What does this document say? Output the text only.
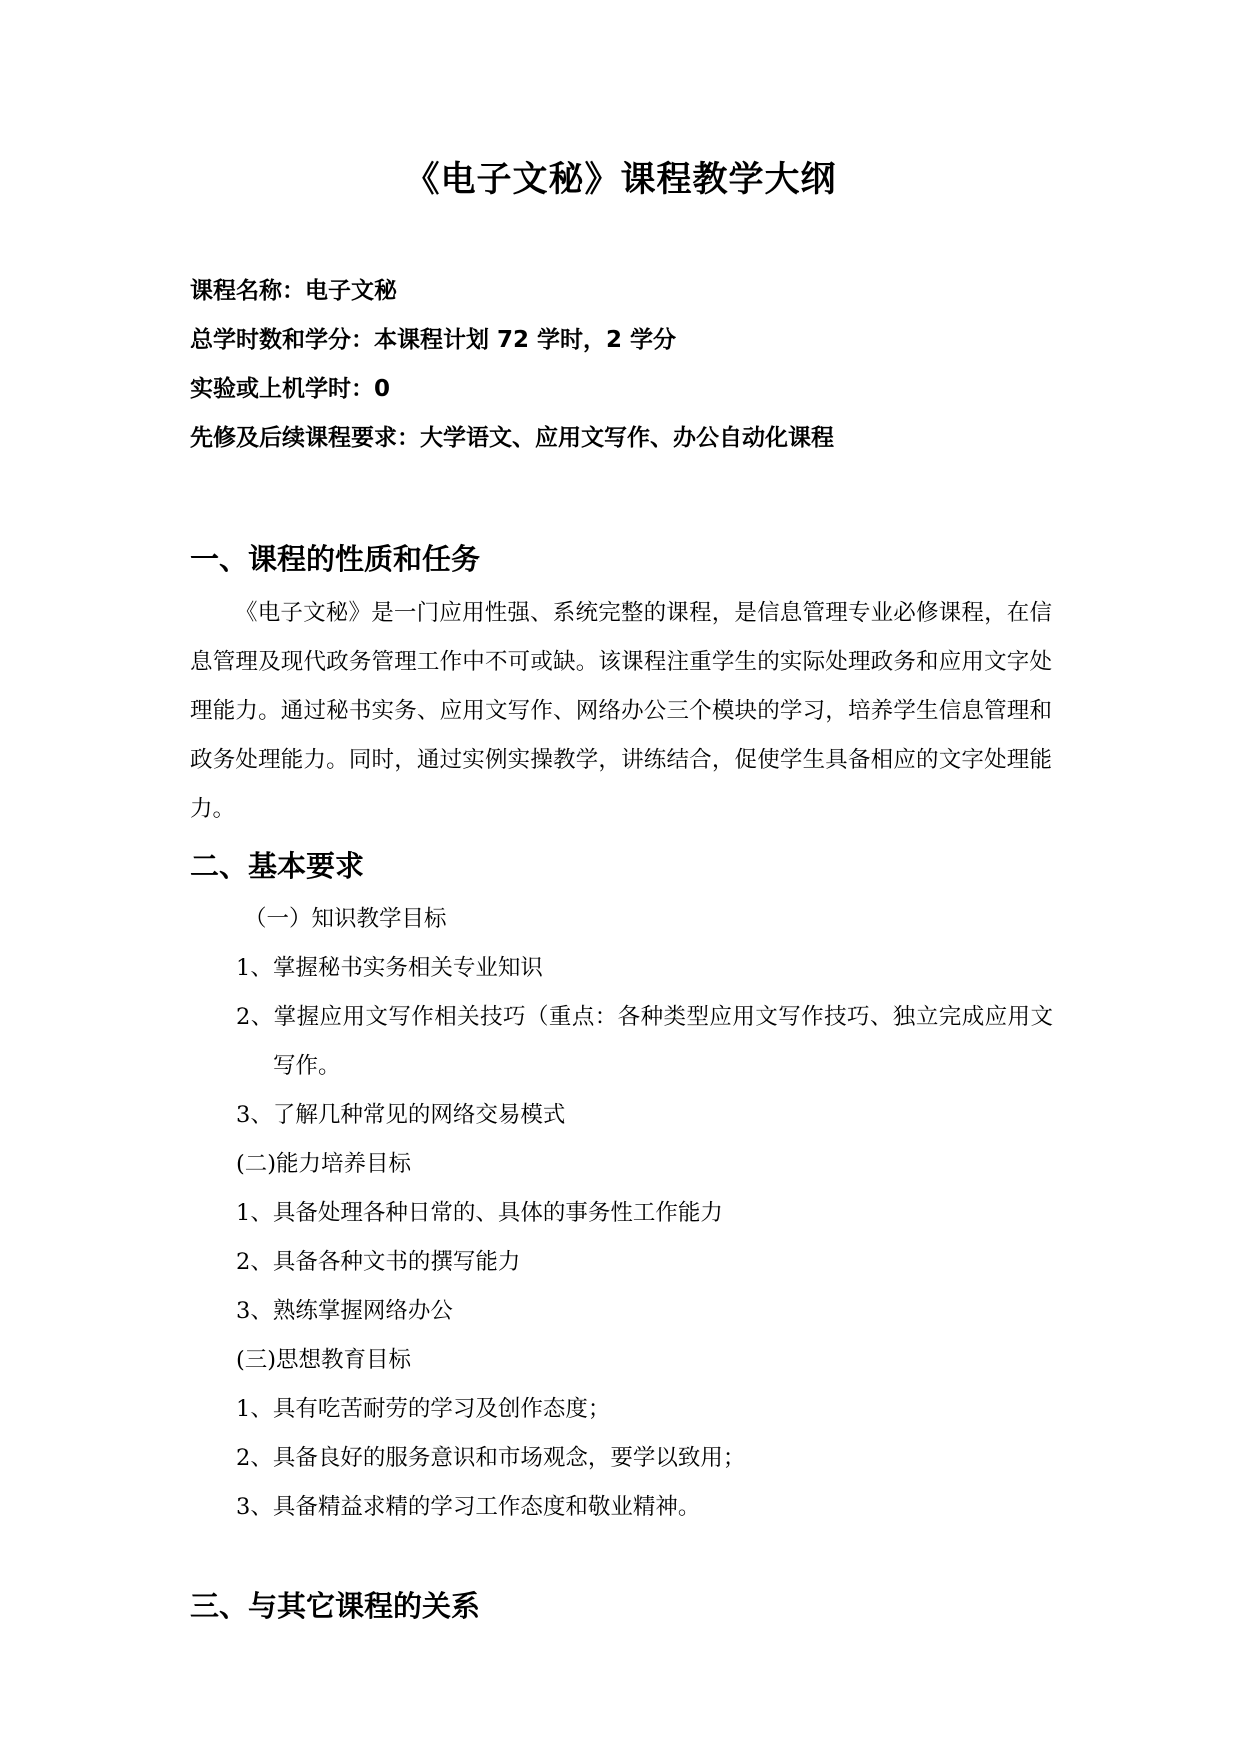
《电子文秘》课程教学大纲
课程名称：电子文秘
总学时数和学分：本课程计划 72 学时，2 学分
实验或上机学时：0
先修及后续课程要求：大学语文、应用文写作、办公自动化课程
一、课程的性质和任务

《电子文秘》是一门应用性强、系统完整的课程，是信息管理专业必修课程，在信息管理及现代政务管理工作中不可或缺。该课程注重学生的实际处理政务和应用文字处理能力。通过秘书实务、应用文写作、网络办公三个模块的学习，培养学生信息管理和政务处理能力。同时，通过实例实操教学，讲练结合，促使学生具备相应的文字处理能力。

二、基本要求
（一）知识教学目标
1、掌握秘书实务相关专业知识
2、掌握应用文写作相关技巧（重点：各种类型应用文写作技巧、独立完成应用文写作。
3、了解几种常见的网络交易模式
(二)能力培养目标
1、具备处理各种日常的、具体的事务性工作能力
2、具备各种文书的撰写能力
3、熟练掌握网络办公
(三)思想教育目标
1、具有吃苦耐劳的学习及创作态度；
2、具备良好的服务意识和市场观念，要学以致用；
3、具备精益求精的学习工作态度和敬业精神。
三、与其它课程的关系
